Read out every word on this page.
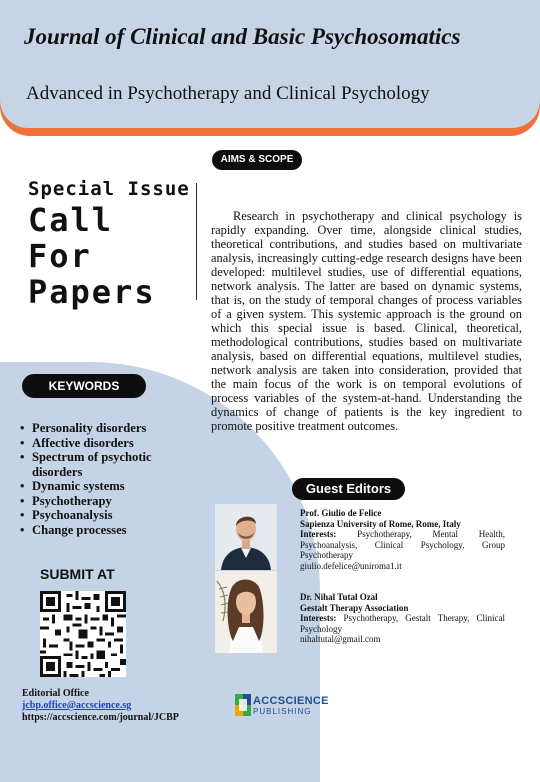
Journal of Clinical and Basic Psychosomatics
Advanced in Psychotherapy and Clinical Psychology
AIMS & SCOPE
Special Issue
Call
For
Papers
Research in psychotherapy and clinical psychology is rapidly expanding. Over time, alongside clinical studies, theoretical contributions, and studies based on multivariate analysis, increasingly cutting-edge research designs have been developed: multilevel studies, use of differential equations, network analysis. The latter are based on dynamic systems, that is, on the study of temporal changes of process variables of a given system. This systemic approach is the ground on which this special issue is based. Clinical, theoretical, methodological contributions, studies based on multivariate analysis, based on differential equations, multilevel studies, network analysis are taken into consideration, provided that the main focus of the work is on temporal evolutions of process variables of the system-at-hand. Understanding the dynamics of change of patients is the key ingredient to promote positive treatment outcomes.
KEYWORDS
• Personality disorders
• Affective disorders
• Spectrum of psychotic disorders
• Dynamic systems
• Psychotherapy
• Psychoanalysis
• Change processes
SUBMIT AT
Editorial Office
jcbp.office@accscience.sg
https://accscience.com/journal/JCBP
Guest Editors
Prof. Giulio de Felice
Sapienza University of Rome, Rome, Italy
Interests: Psychotherapy, Mental Health, Psychoanalysis, Clinical Psychology, Group Psychotherapy
giulio.defelice@uniroma1.it
Dr. Nihal Tutal Ozal
Gestalt Therapy Association
Interests: Psychotherapy, Gestalt Therapy, Clinical Psychology
nihaltutal@gmail.com
ACCSCIENCE
PUBLISHING
